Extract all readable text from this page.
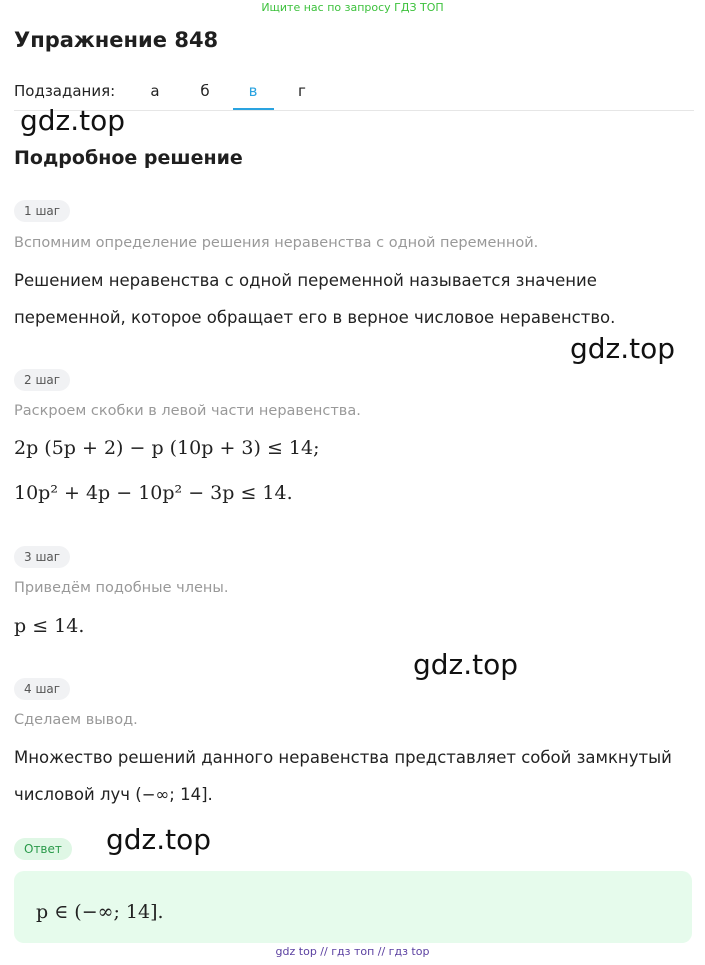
Ищите нас по запросу ГДЗ ТОП
Упражнение 848
Подзадания:	а	б	в	г
gdz.top
Подробное решение
1 шаг
Вспомним определение решения неравенства с одной переменной.
Решением неравенства с одной переменной называется значение
переменной, которое обращает его в верное числовое неравенство.
gdz.top
2 шаг
Раскроем скобки в левой части неравенства.
2p (5p + 2) − p (10p + 3) ≤ 14;
10p² + 4p − 10p² − 3p ≤ 14.
3 шаг
Приведём подобные члены.
p ≤ 14.
gdz.top
4 шаг
Сделаем вывод.
Множество решений данного неравенства представляет собой замкнутый
числовой луч (−∞; 14].
Ответ	gdz.top
p ∈ (−∞; 14].
gdz top // гдз топ // гдз top
